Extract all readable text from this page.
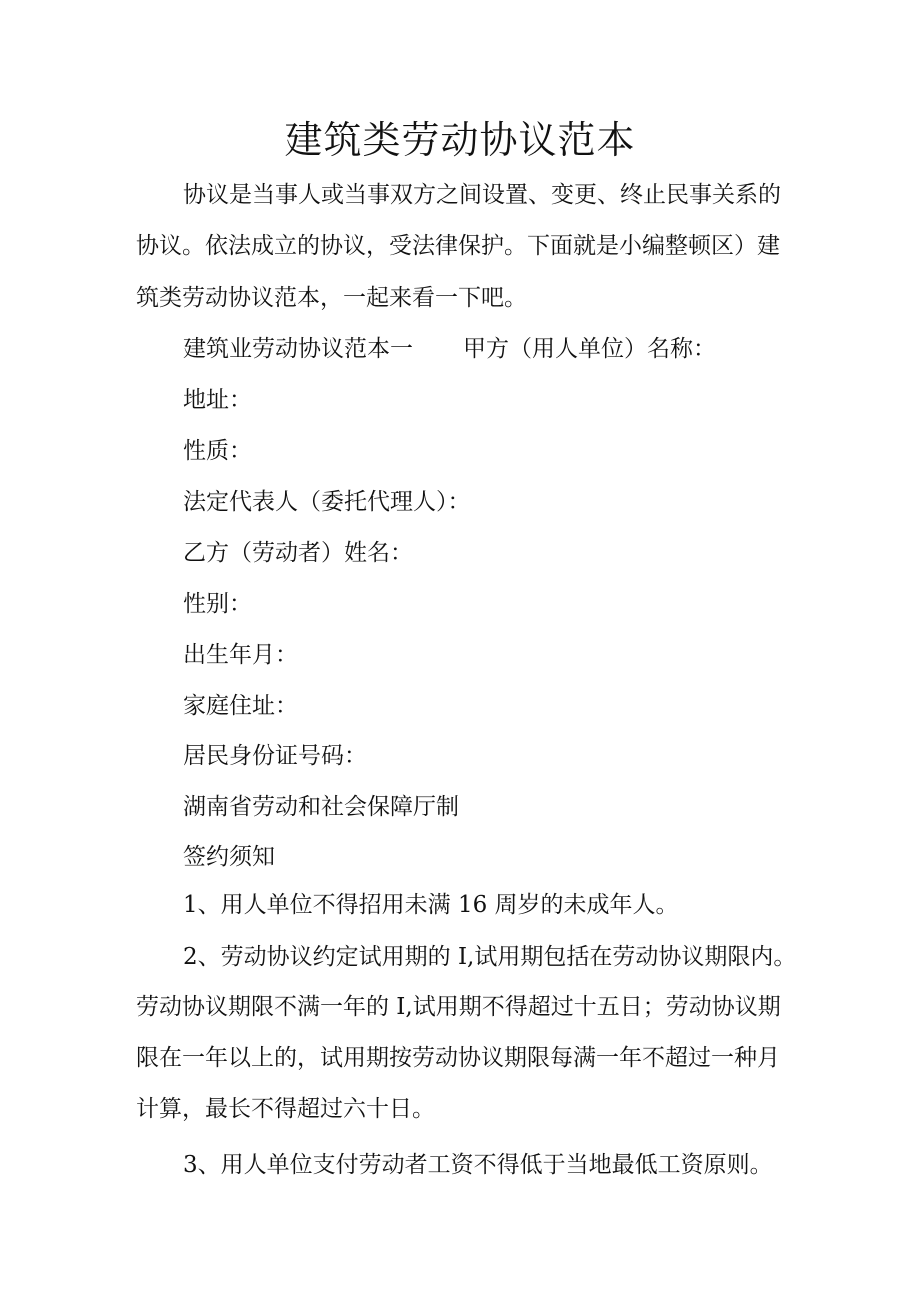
建筑类劳动协议范本
协议是当事人或当事双方之间设置、变更、终止民事关系的
协议。依法成立的协议，受法律保护。下面就是小编整顿区）建
筑类劳动协议范本，一起来看一下吧。
建筑业劳动协议范本一 甲方（用人单位）名称：
地址：
性质：
法定代表人（委托代理人）：
乙方（劳动者）姓名：
性别：
出生年月：
家庭住址：
居民身份证号码：
湖南省劳动和社会保障厅制
签约须知
1、用人单位不得招用未满 16 周岁的未成年人。
2、劳动协议约定试用期的 I,试用期包括在劳动协议期限内。
劳动协议期限不满一年的 I,试用期不得超过十五日；劳动协议期
限在一年以上的，试用期按劳动协议期限每满一年不超过一种月
计算，最长不得超过六十日。
3、用人单位支付劳动者工资不得低于当地最低工资原则。
